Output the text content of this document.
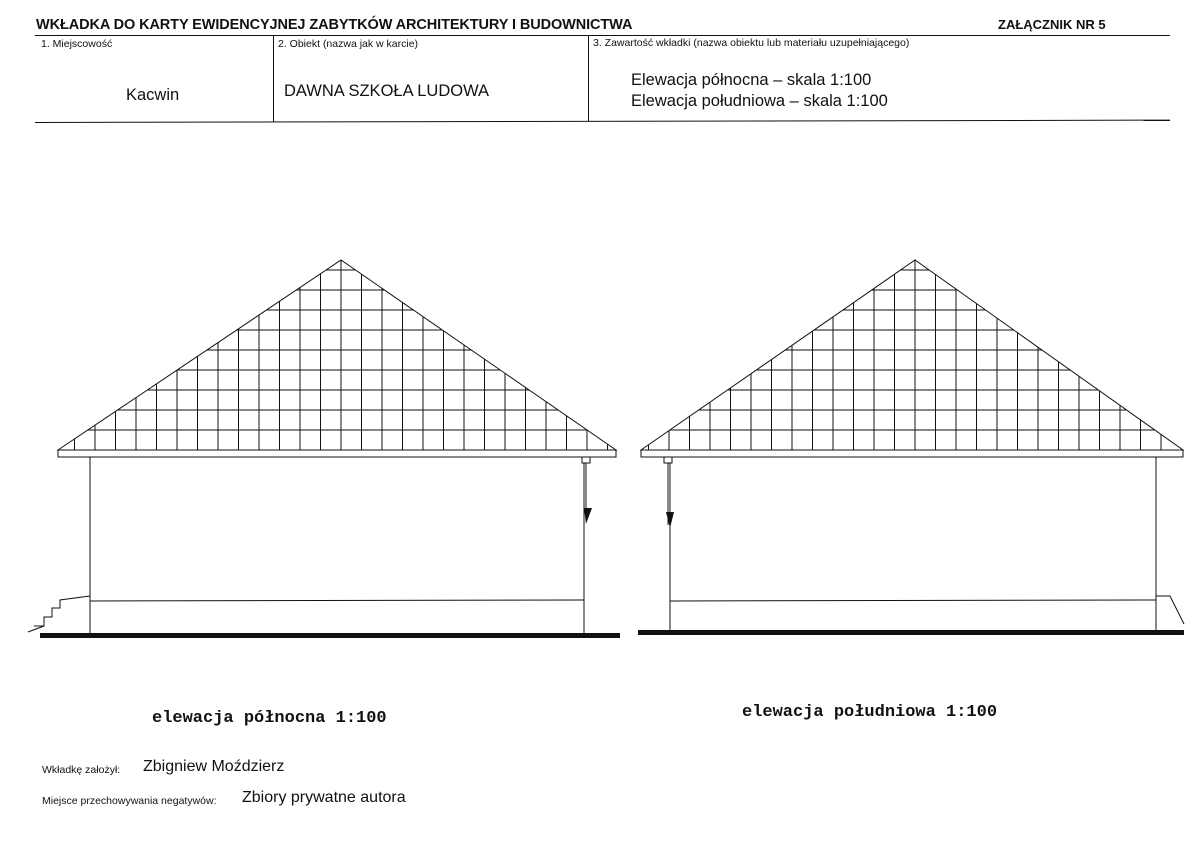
WKŁADKA DO KARTY EWIDENCYJNEJ ZABYTKÓW ARCHITEKTURY I BUDOWNICTWA	ZAŁĄCZNIK NR 5
1. Miejscowość
Kacwin
2. Obiekt (nazwa jak w karcie)
DAWNA SZKOŁA LUDOWA
3. Zawartość wkładki (nazwa obiektu lub materiału uzupełniającego)
Elewacja północna – skala 1:100
Elewacja południowa – skala 1:100
elewacja północna 1:100	elewacja południowa 1:100
Wkładkę założył: Zbigniew Moździerz
Miejsce przechowywania negatywów: Zbiory prywatne autora
